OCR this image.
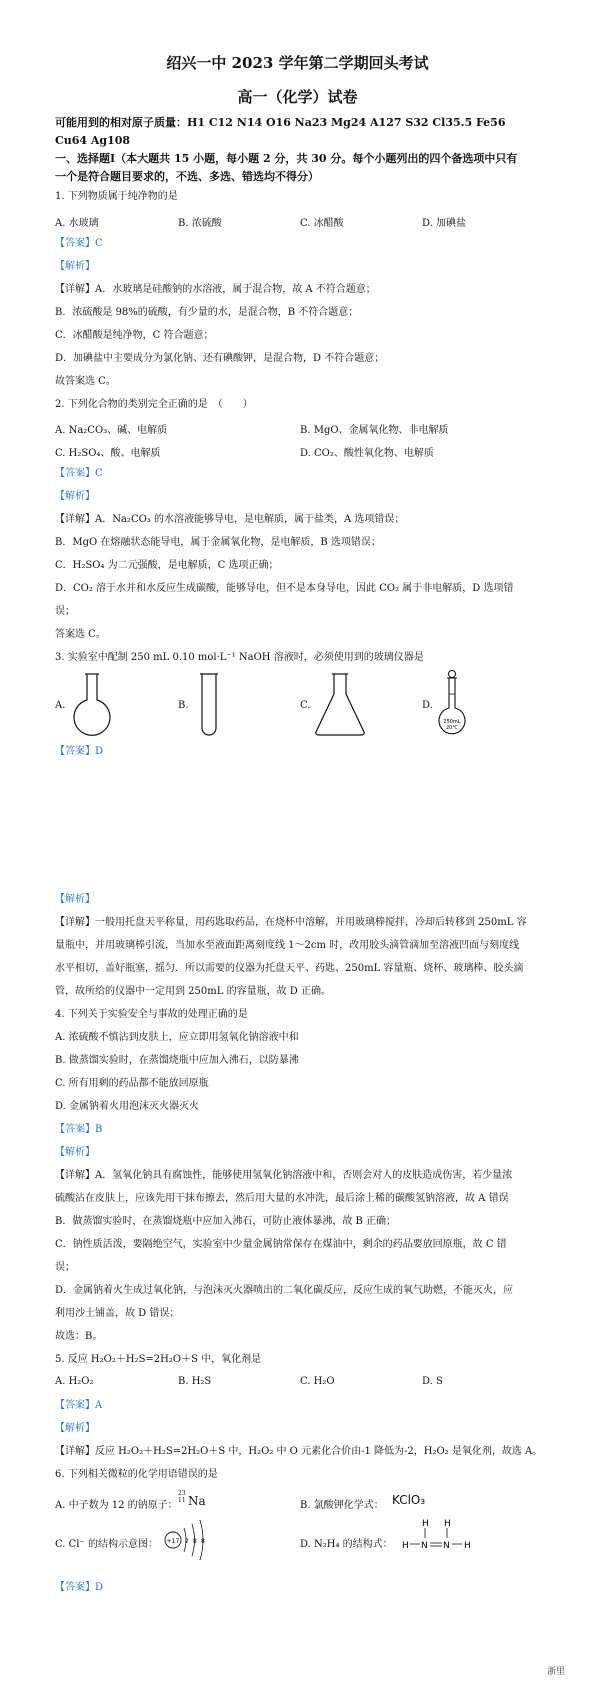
绍兴一中 2023 学年第二学期回头考试
高一（化学）试卷
可能用到的相对原子质量：H1 C12 N14 O16 Na23 Mg24 A127 S32 Cl35.5 Fe56
Cu64 Ag108
一、选择题Ⅰ（本大题共 15 小题，每小题 2 分，共 30 分。每个小题列出的四个备选项中只有
一个是符合题目要求的，不选、多选、错选均不得分）
1. 下列物质属于纯净物的是
A. 水玻璃	B. 浓硫酸	C. 冰醋酸	D. 加碘盐
【答案】C
【解析】
【详解】A．水玻璃是硅酸钠的水溶液，属于混合物，故 A 不符合题意；
B．浓硫酸是 98%的硫酸，有少量的水，是混合物，B 不符合题意；
C．冰醋酸是纯净物，C 符合题意；
D．加碘盐中主要成分为氯化钠、还有碘酸钾，是混合物，D 不符合题意；
故答案选 C。
2. 下列化合物的类别完全正确的是　（　　）
A. Na₂CO₃、碱、电解质	B. MgO、金属氧化物、非电解质
C. H₂SO₄、酸、电解质	D. CO₂、酸性氧化物、电解质
【答案】C
【解析】
【详解】A．Na₂CO₃ 的水溶液能够导电，是电解质，属于盐类，A 选项错误；
B．MgO 在熔融状态能导电，属于金属氧化物，是电解质，B 选项错误；
C．H₂SO₄ 为二元强酸，是电解质，C 选项正确；
D．CO₂ 溶于水并和水反应生成碳酸，能够导电，但不是本身导电，因此 CO₂ 属于非电解质，D 选项错
误；
答案选 C。
3. 实验室中配制 250 mL 0.10 mol·L⁻¹ NaOH 溶液时，必须使用到的玻璃仪器是
A.	B.	C.	D.
250mL
20℃
【答案】D
【解析】
【详解】一般用托盘天平称量，用药匙取药品，在烧杯中溶解，并用玻璃棒搅拌，冷却后转移到 250mL 容
量瓶中，并用玻璃棒引流，当加水至液面距离刻度线 1～2cm 时，改用胶头滴管滴加至溶液凹面与刻度线
水平相切，盖好瓶塞，摇匀．所以需要的仪器为托盘天平、药匙、250mL 容量瓶、烧杯、玻璃棒、胶头滴
管，故所给的仪器中一定用到 250mL 的容量瓶，故 D 正确。
4. 下列关于实验安全与事故的处理正确的是
A. 浓硫酸不慎沾到皮肤上，应立即用氢氧化钠溶液中和
B. 做蒸馏实验时，在蒸馏烧瓶中应加入沸石，以防暴沸
C. 所有用剩的药品都不能放回原瓶
D. 金属钠着火用泡沫灭火器灭火
【答案】B
【解析】
【详解】A．氢氧化钠具有腐蚀性，能够使用氢氧化钠溶液中和，否则会对人的皮肤造成伤害，若少量浓
硫酸沾在皮肤上，应该先用干抹布擦去，然后用大量的水冲洗，最后涂上稀的碳酸氢钠溶液，故 A 错误
B．做蒸馏实验时，在蒸馏烧瓶中应加入沸石，可防止液体暴沸，故 B 正确；
C．钠性质活泼，要隔绝空气，实验室中少量金属钠常保存在煤油中，剩余的药品要放回原瓶，故 C 错
误；
D．金属钠着火生成过氧化钠，与泡沫灭火器喷出的二氧化碳反应，反应生成的氧气助燃，不能灭火，应
利用沙土铺盖，故 D 错误；
故选：B。
5. 反应 H₂O₂＋H₂S=2H₂O＋S 中，氧化剂是
A. H₂O₂	B. H₂S	C. H₂O	D. S
【答案】A
【解析】
【详解】反应 H₂O₂＋H₂S=2H₂O＋S 中，H₂O₂ 中 O 元素化合价由-1 降低为-2，H₂O₂ 是氧化剂，故选 A。
6. 下列相关微粒的化学用语错误的是
A. 中子数为 12 的钠原子：
23
11 Na	B. 氯酸钾化学式： KClO₃
C. Cl⁻ 的结构示意图： +17 2 8 8	D. N₂H₄ 的结构式： H N N H
H H
【答案】D
浙里
